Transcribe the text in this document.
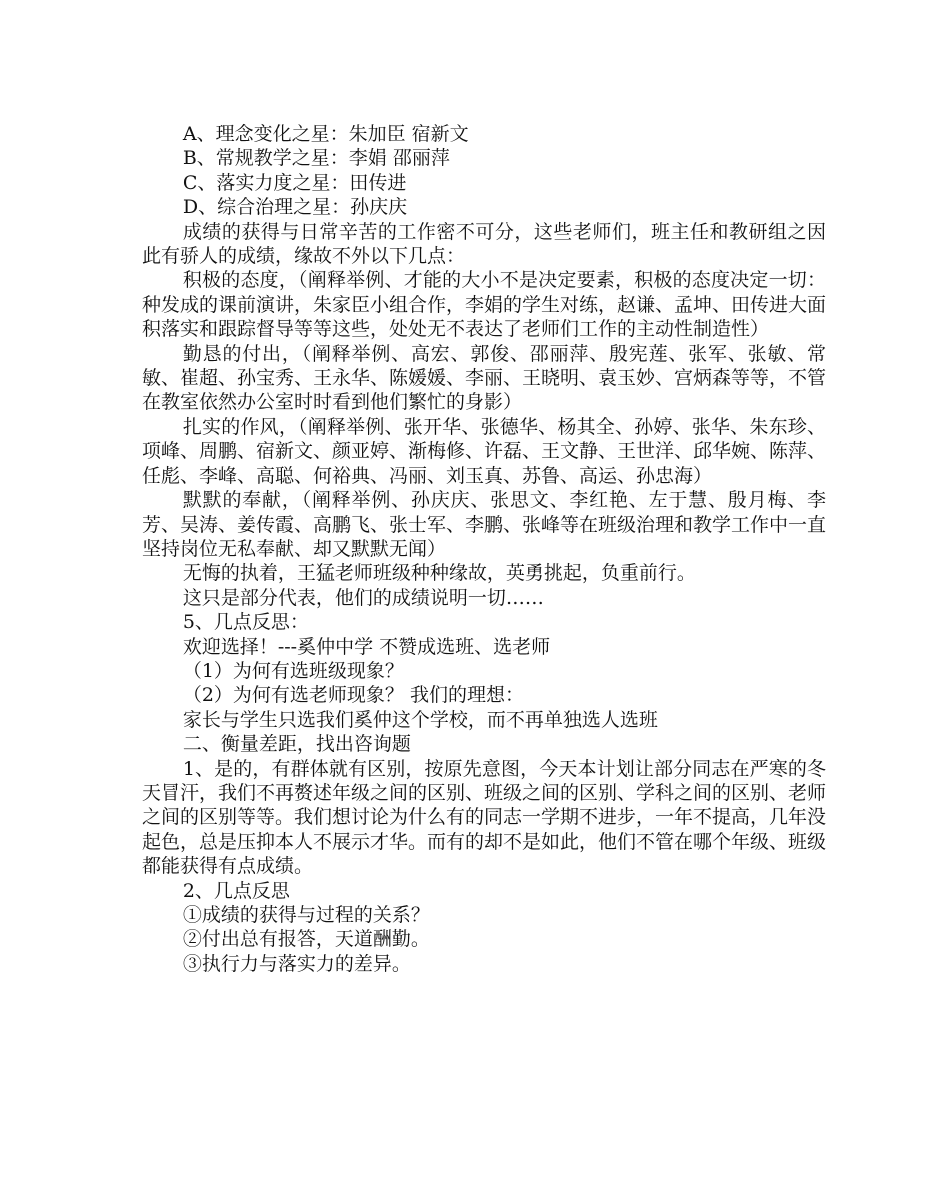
A、理念变化之星：朱加臣 宿新文

B、常规教学之星：李娟 邵丽萍

C、落实力度之星：田传进

D、综合治理之星：孙庆庆

成绩的获得与日常辛苦的工作密不可分，这些老师们，班主任和教研组之因此有骄人的成绩，缘故不外以下几点：

积极的态度，（阐释举例、才能的大小不是决定要素，积极的态度决定一切：种发成的课前演讲，朱家臣小组合作，李娟的学生对练，赵谦、孟坤、田传进大面积落实和跟踪督导等等这些，处处无不表达了老师们工作的主动性制造性）

勤恳的付出，（阐释举例、高宏、郭俊、邵丽萍、殷宪莲、张军、张敏、常敏、崔超、孙宝秀、王永华、陈媛媛、李丽、王晓明、袁玉妙、宫炳森等等，不管在教室依然办公室时时看到他们繁忙的身影）

扎实的作风，（阐释举例、张开华、张德华、杨其全、孙婷、张华、朱东珍、项峰、周鹏、宿新文、颜亚婷、渐梅修、许磊、王文静、王世洋、邱华婉、陈萍、任彪、李峰、高聪、何裕典、冯丽、刘玉真、苏鲁、高运、孙忠海）

默默的奉献，（阐释举例、孙庆庆、张思文、李红艳、左于慧、殷月梅、李芳、吴涛、姜传霞、高鹏飞、张士军、李鹏、张峰等在班级治理和教学工作中一直坚持岗位无私奉献、却又默默无闻）

无悔的执着，王猛老师班级种种缘故，英勇挑起，负重前行。

这只是部分代表，他们的成绩说明一切……

5、几点反思：

欢迎选择！---奚仲中学 不赞成选班、选老师

（1）为何有选班级现象？

（2）为何有选老师现象？ 我们的理想：

家长与学生只选我们奚仲这个学校，而不再单独选人选班

二、衡量差距，找出咨询题

1、是的，有群体就有区别，按原先意图，今天本计划让部分同志在严寒的冬天冒汗，我们不再赘述年级之间的区别、班级之间的区别、学科之间的区别、老师之间的区别等等。我们想讨论为什么有的同志一学期不进步，一年不提高，几年没起色，总是压抑本人不展示才华。而有的却不是如此，他们不管在哪个年级、班级都能获得有点成绩。

2、几点反思

①成绩的获得与过程的关系？

②付出总有报答，天道酬勤。

③执行力与落实力的差异。
